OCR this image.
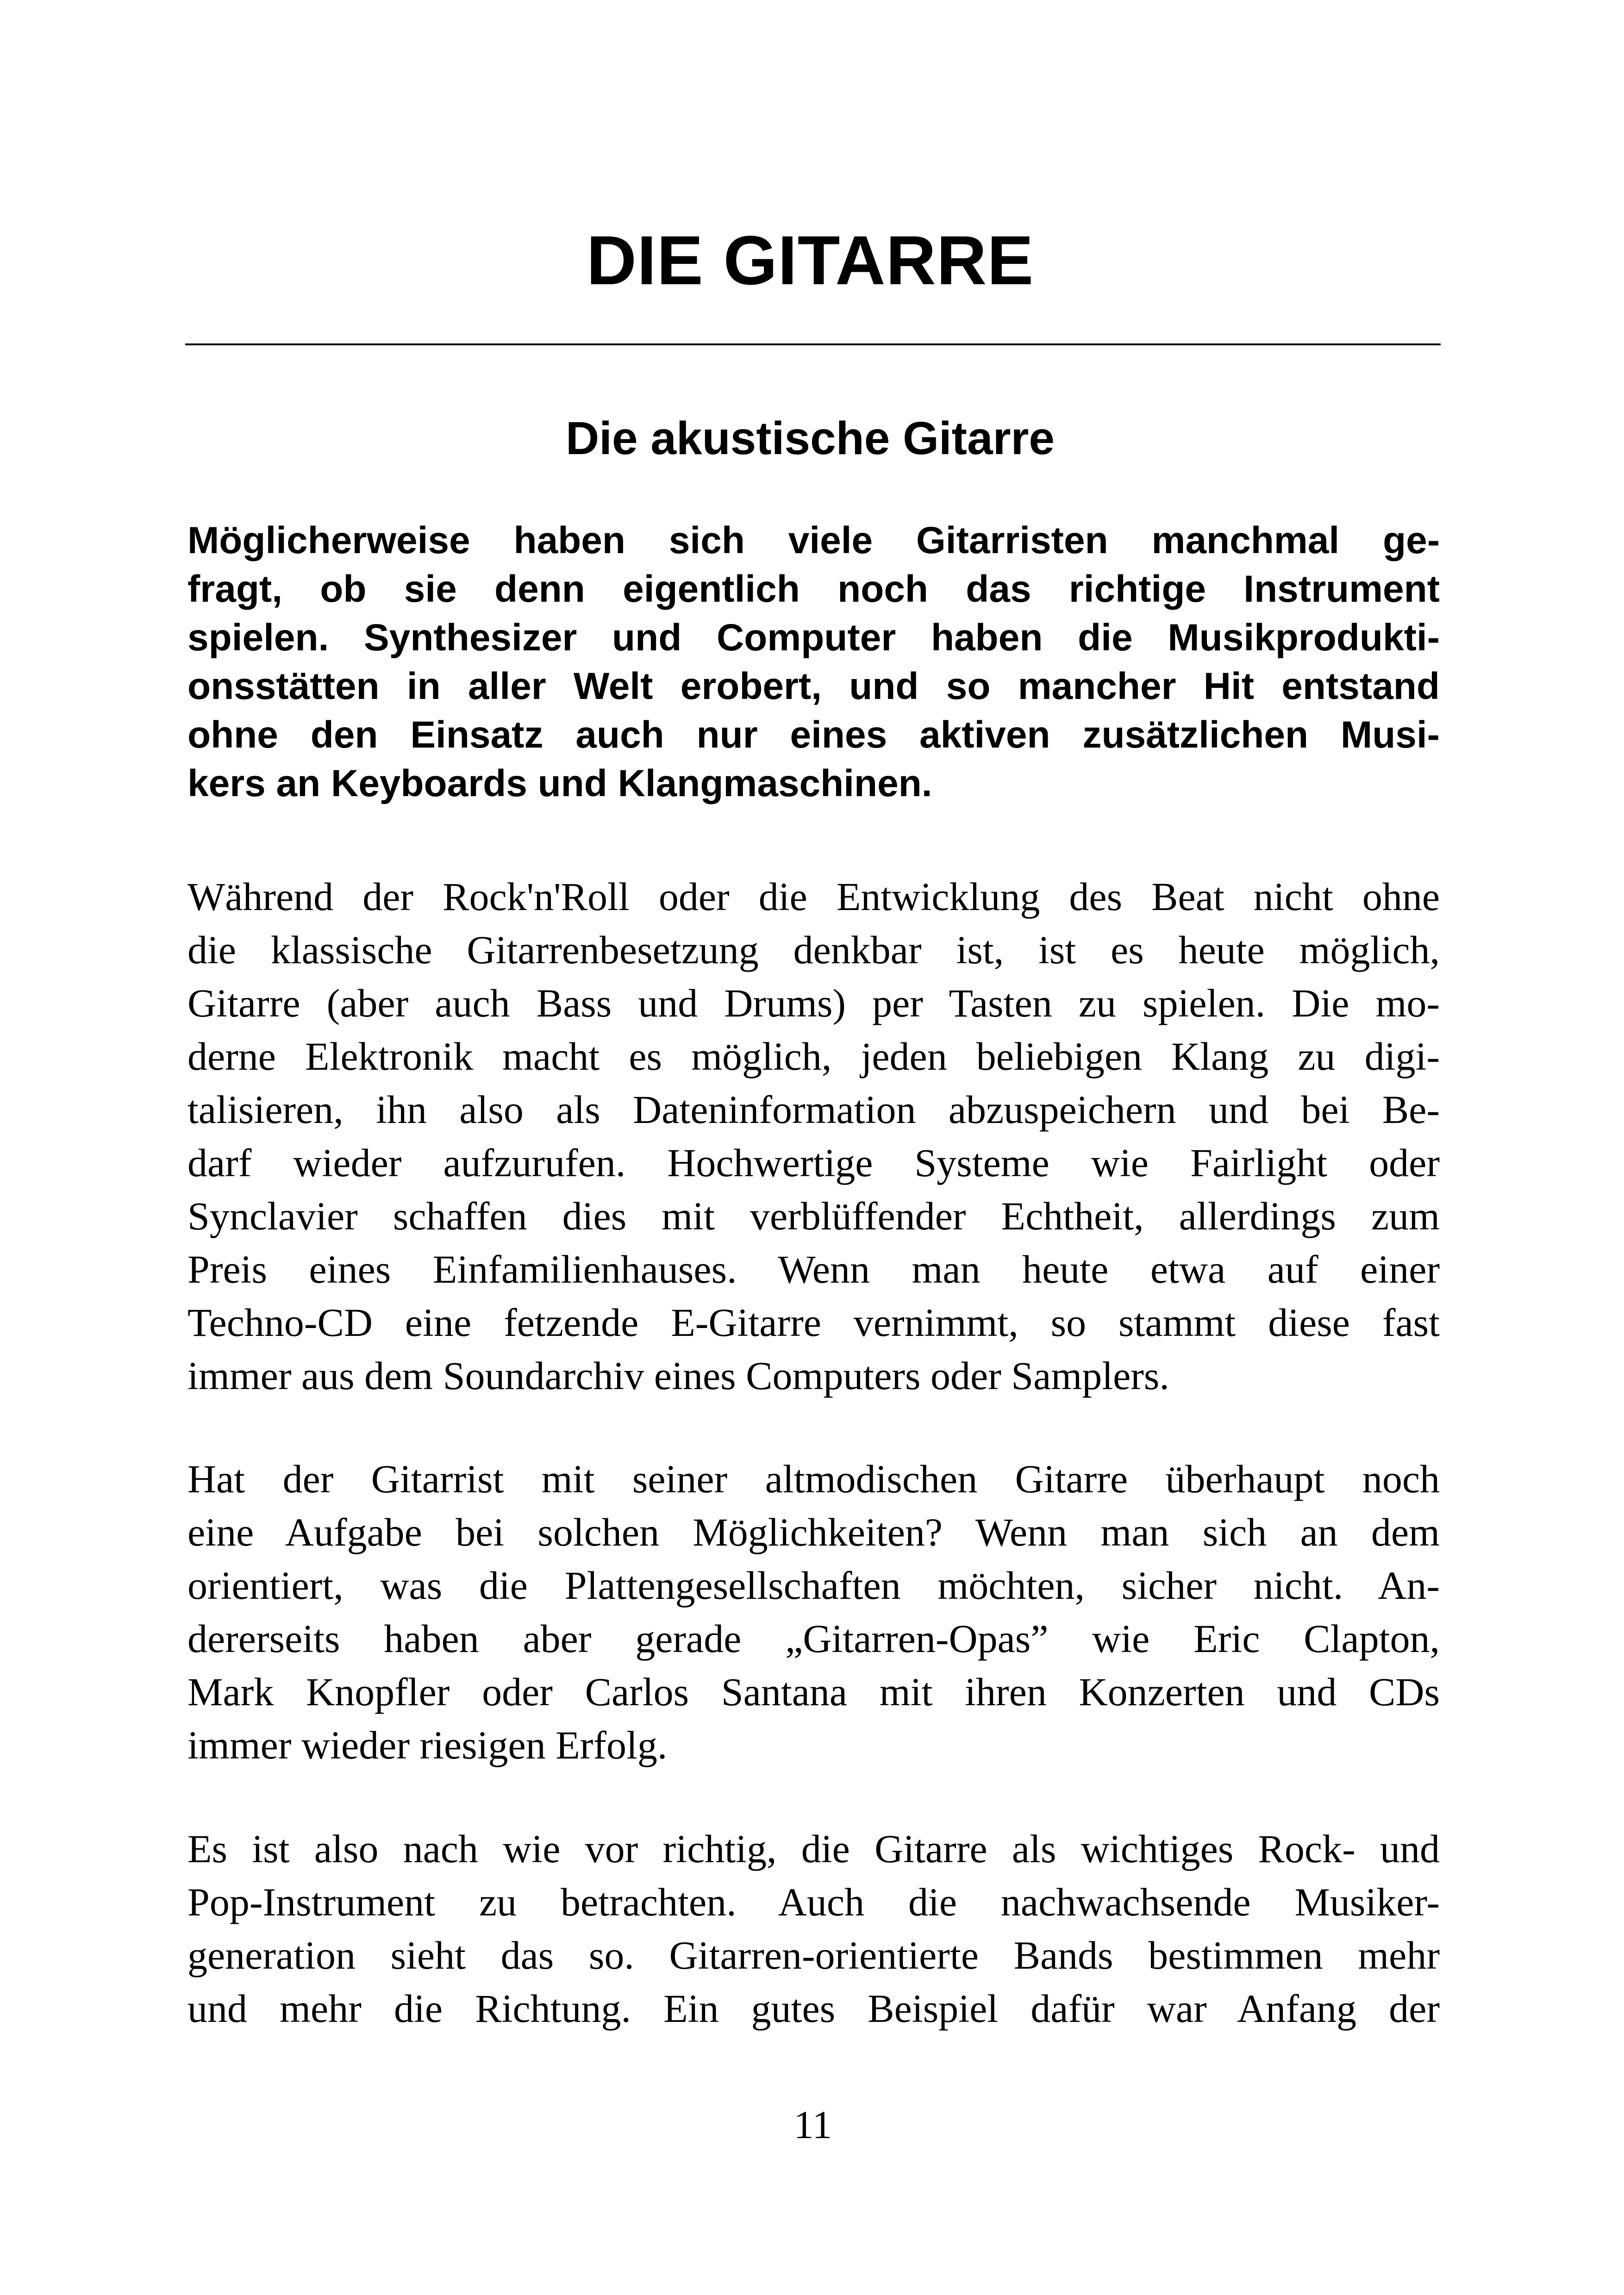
DIE GITARRE
Die akustische Gitarre
Möglicherweise haben sich viele Gitarristen manchmal ge-
fragt, ob sie denn eigentlich noch das richtige Instrument
spielen. Synthesizer und Computer haben die Musikprodukti-
onsstätten in aller Welt erobert, und so mancher Hit entstand
ohne den Einsatz auch nur eines aktiven zusätzlichen Musi-
kers an Keyboards und Klangmaschinen.
Während der Rock'n'Roll oder die Entwicklung des Beat nicht ohne
die klassische Gitarrenbesetzung denkbar ist, ist es heute möglich,
Gitarre (aber auch Bass und Drums) per Tasten zu spielen. Die mo-
derne Elektronik macht es möglich, jeden beliebigen Klang zu digi-
talisieren, ihn also als Dateninformation abzuspeichern und bei Be-
darf wieder aufzurufen. Hochwertige Systeme wie Fairlight oder
Synclavier schaffen dies mit verblüffender Echtheit, allerdings zum
Preis eines Einfamilienhauses. Wenn man heute etwa auf einer
Techno-CD eine fetzende E-Gitarre vernimmt, so stammt diese fast
immer aus dem Soundarchiv eines Computers oder Samplers.
Hat der Gitarrist mit seiner altmodischen Gitarre überhaupt noch
eine Aufgabe bei solchen Möglichkeiten? Wenn man sich an dem
orientiert, was die Plattengesellschaften möchten, sicher nicht. An-
dererseits haben aber gerade „Gitarren-Opas” wie Eric Clapton,
Mark Knopfler oder Carlos Santana mit ihren Konzerten und CDs
immer wieder riesigen Erfolg.
Es ist also nach wie vor richtig, die Gitarre als wichtiges Rock- und
Pop-Instrument zu betrachten. Auch die nachwachsende Musiker-
generation sieht das so. Gitarren-orientierte Bands bestimmen mehr
und mehr die Richtung. Ein gutes Beispiel dafür war Anfang der
11
